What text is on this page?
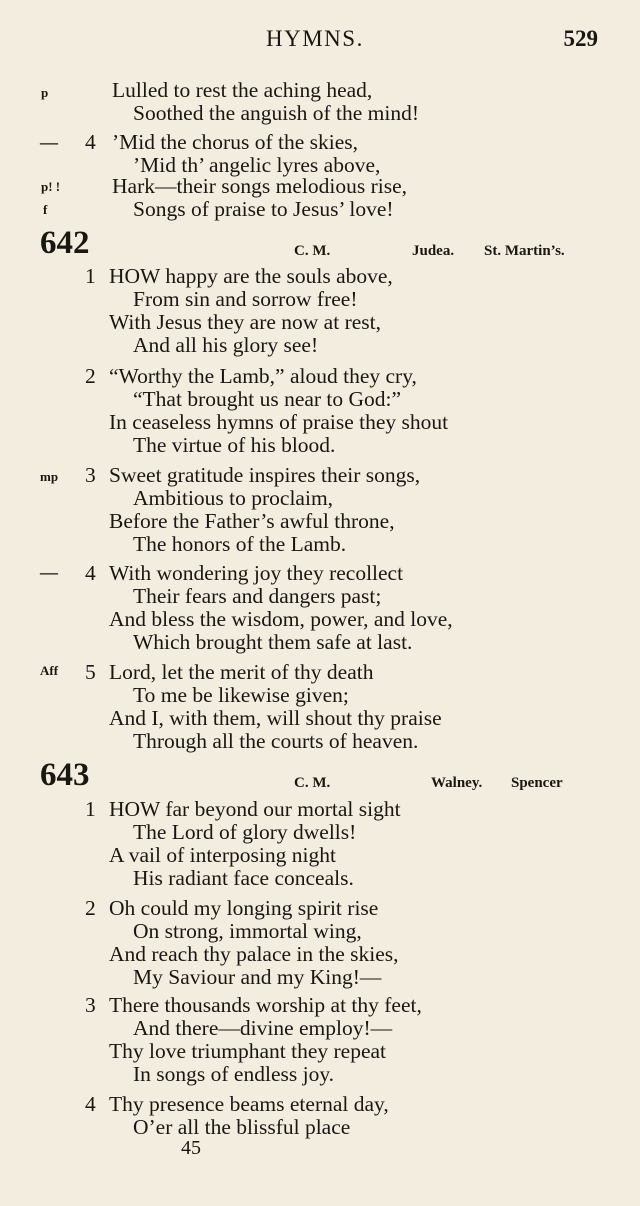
HYMNS.	529
p	Lulled to rest the aching head,
Soothed the anguish of the mind!
— 4 ’Mid the chorus of the skies,
’Mid th’ angelic lyres above,
p! ! Hark—their songs melodious rise,
f	Songs of praise to Jesus’ love!
642	C. M.	Judea. St. Martin’s.
1 HOW happy are the souls above,
From sin and sorrow free!
With Jesus they are now at rest,
And all his glory see!
2 “Worthy the Lamb,” aloud they cry,
“That brought us near to God:”
In ceaseless hymns of praise they shout
The virtue of his blood.
mp 3 Sweet gratitude inspires their songs,
Ambitious to proclaim,
Before the Father’s awful throne,
The honors of the Lamb.
— 4 With wondering joy they recollect
Their fears and dangers past;
And bless the wisdom, power, and love,
Which brought them safe at last.
Aff 5 Lord, let the merit of thy death
To me be likewise given;
And I, with them, will shout thy praise
Through all the courts of heaven.
643	C. M.	Walney. Spencer
1 HOW far beyond our mortal sight
The Lord of glory dwells!
A vail of interposing night
His radiant face conceals.
2 Oh could my longing spirit rise
On strong, immortal wing,
And reach thy palace in the skies,
My Saviour and my King!—
3 There thousands worship at thy feet,
And there—divine employ!—
Thy love triumphant they repeat
In songs of endless joy.
4 Thy presence beams eternal day,
O’er all the blissful place
45
